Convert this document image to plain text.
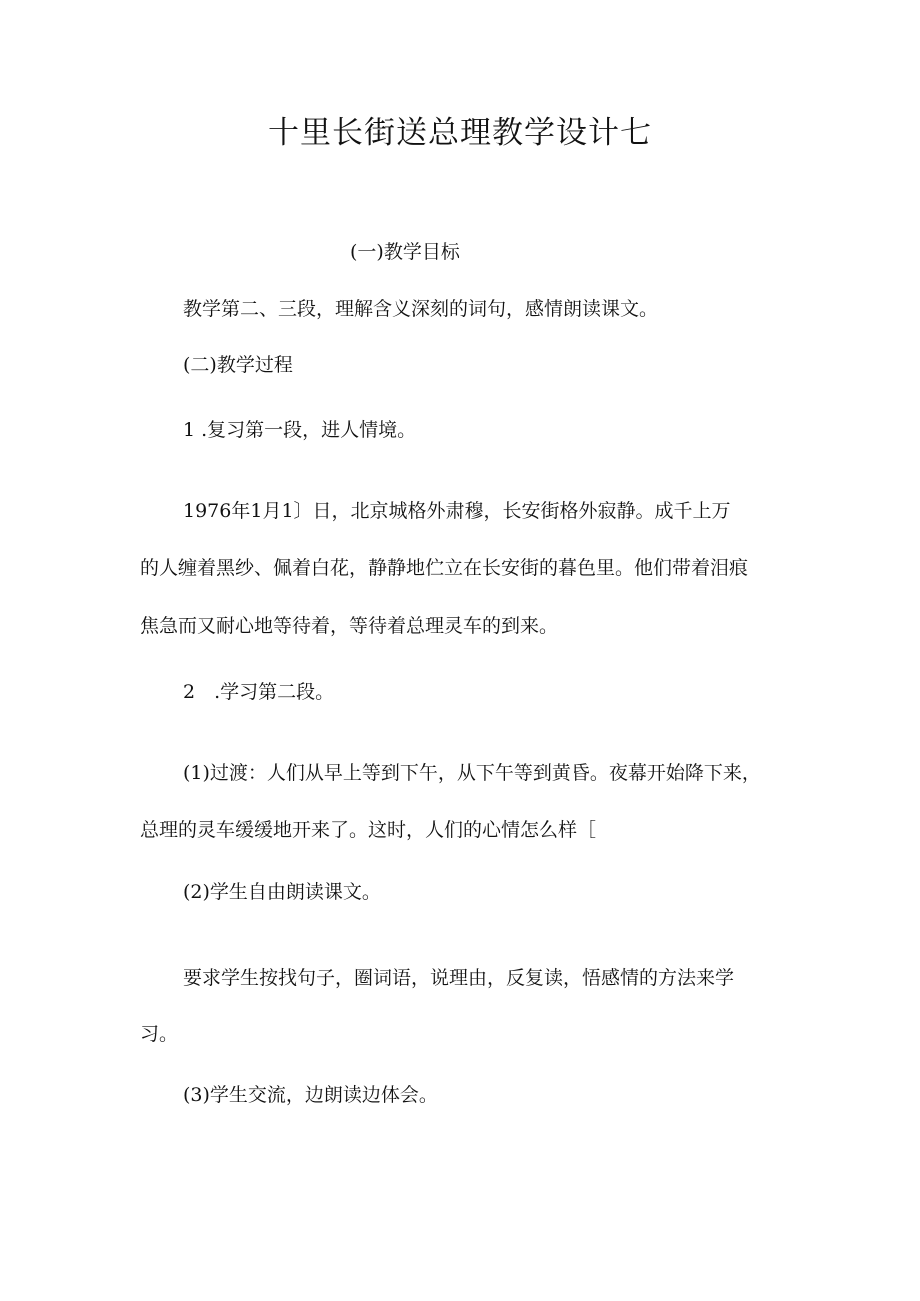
十里长街送总理教学设计七
(一)教学目标
教学第二、三段，理解含义深刻的词句，感情朗读课文。
(二)教学过程
1 .复习第一段，进人情境。
1976年1月1〕日，北京城格外肃穆，长安街格外寂静。成千上万
的人缠着黑纱、佩着白花，静静地伫立在长安街的暮色里。他们带着泪痕
焦急而又耐心地等待着，等待着总理灵车的到来。
2　.学习第二段。
(1)过渡：人们从早上等到下午，从下午等到黄昏。夜幕开始降下来，
总理的灵车缓缓地开来了。这时，人们的心情怎么样［
(2)学生自由朗读课文。
要求学生按找句子，圈词语，说理由，反复读，悟感情的方法来学
习。
(3)学生交流，边朗读边体会。
